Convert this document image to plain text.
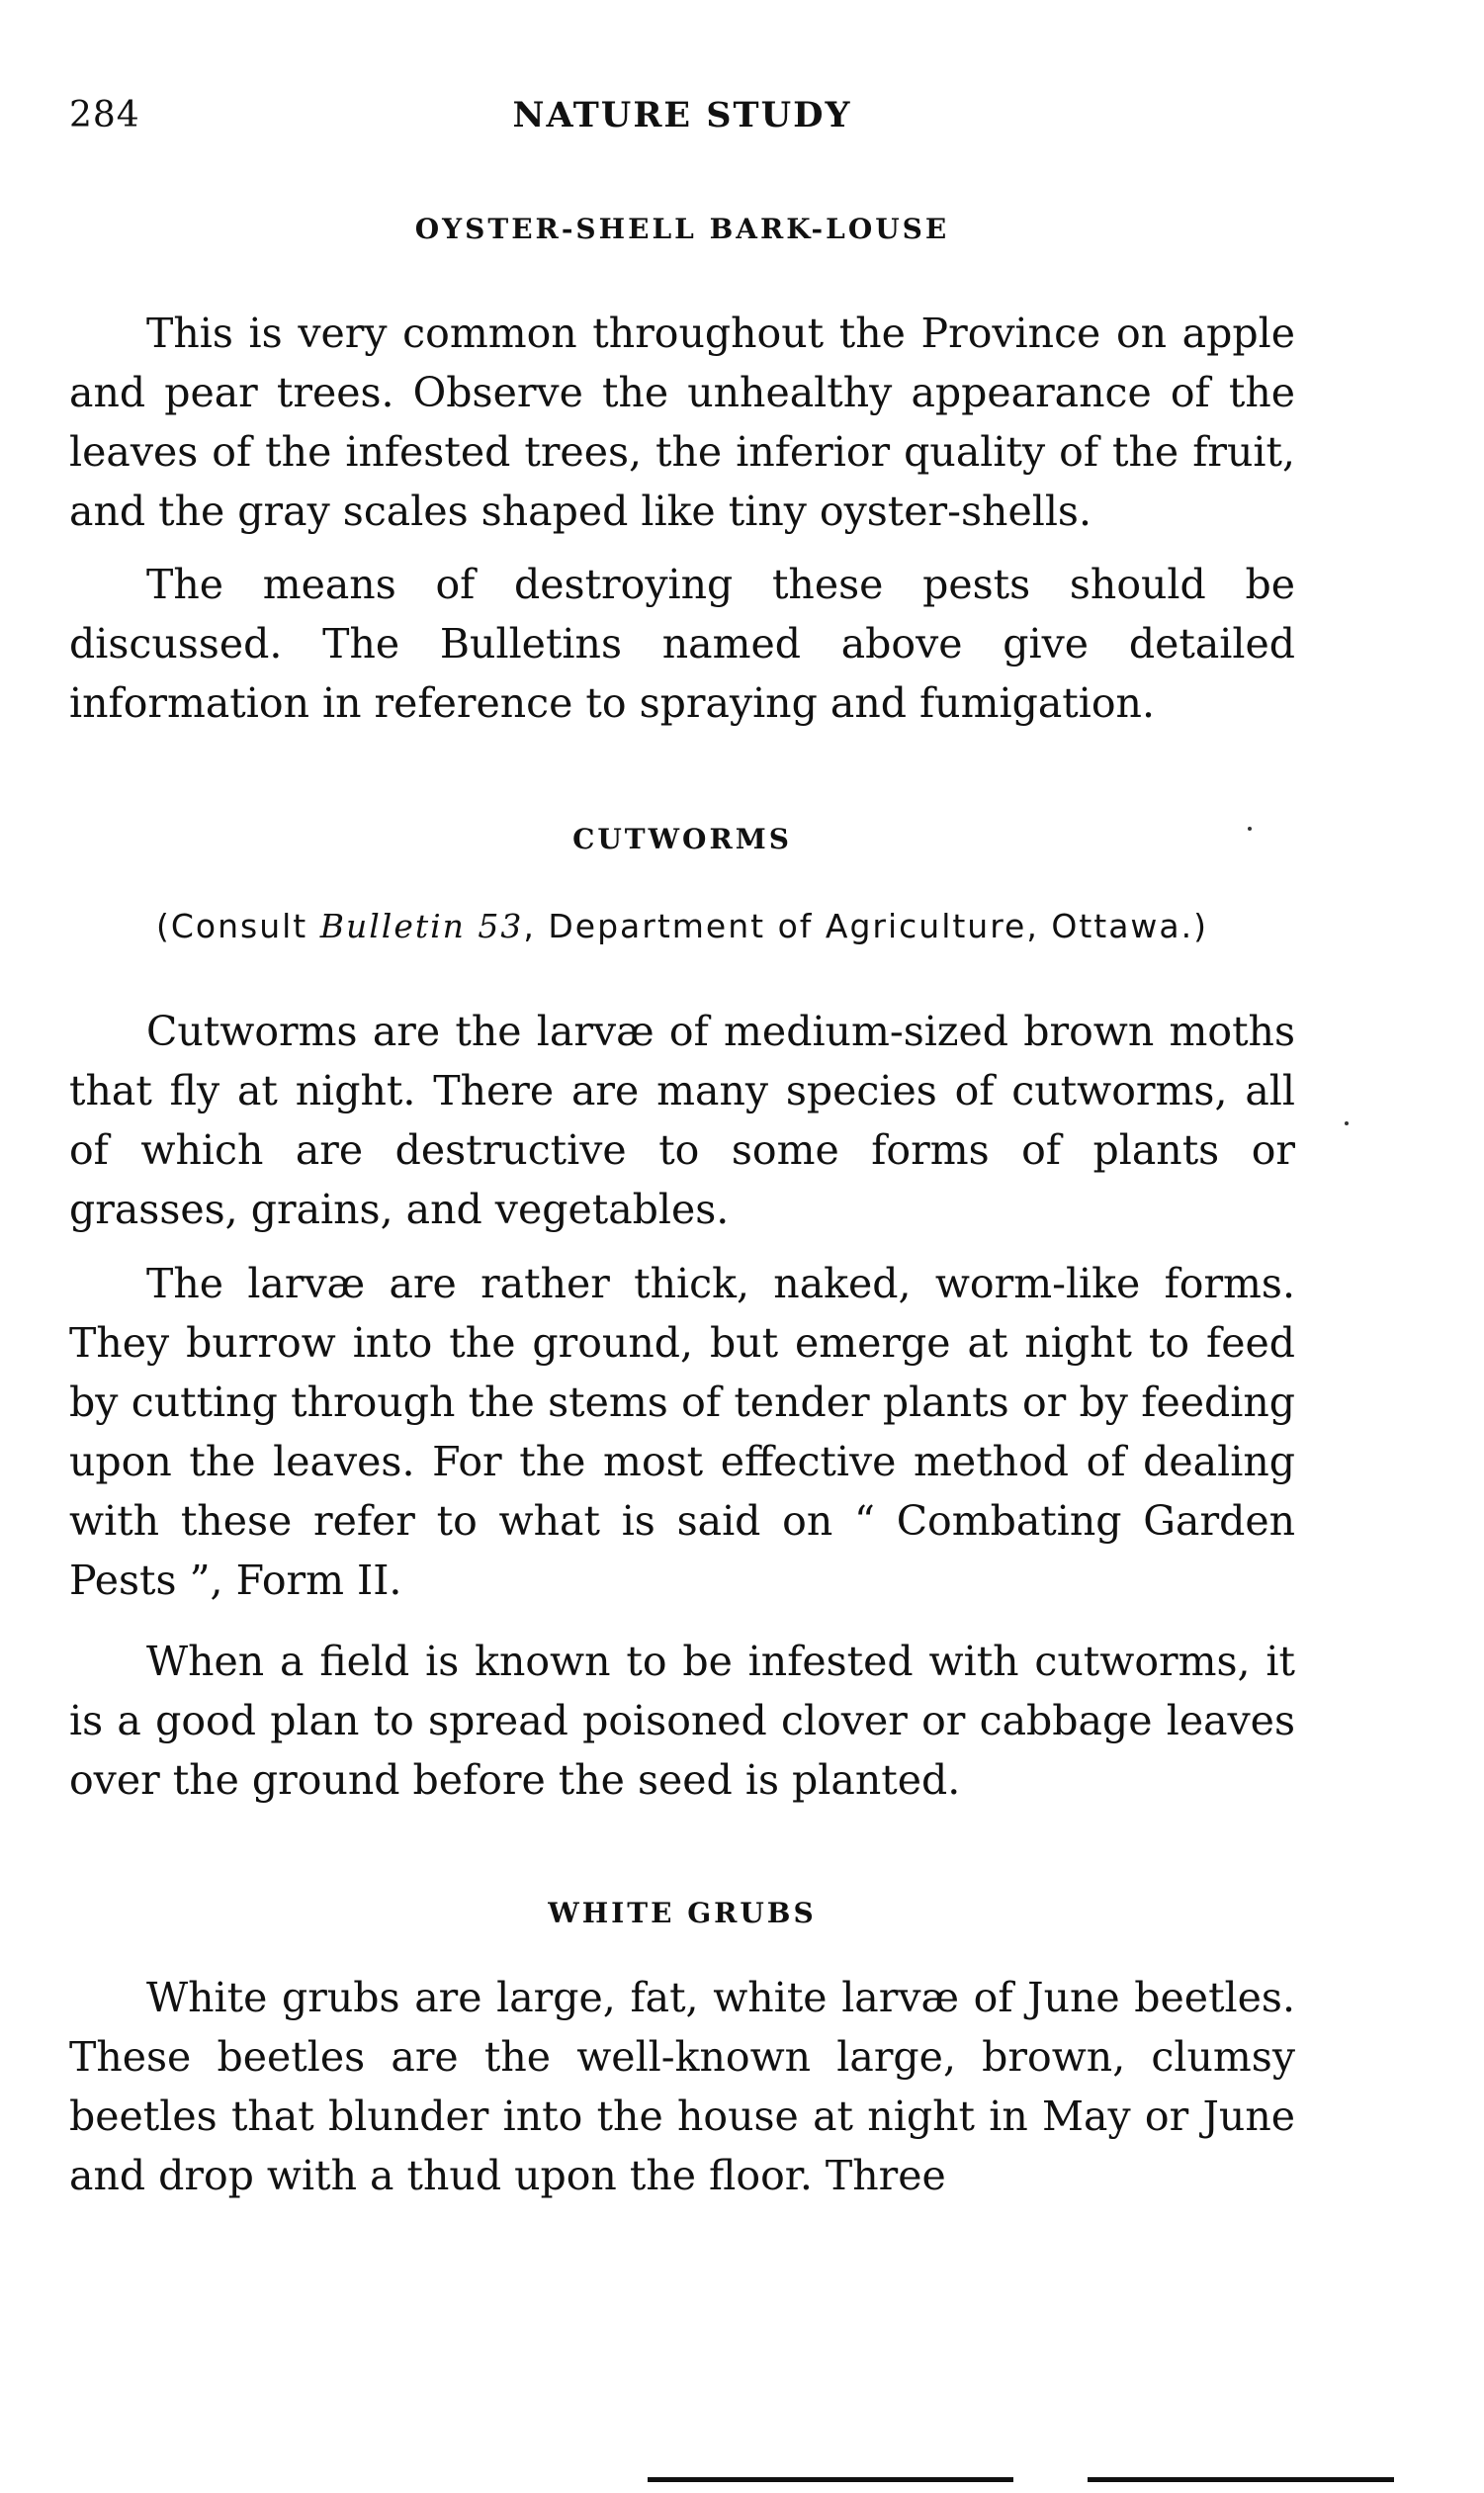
284	NATURE STUDY
OYSTER-SHELL BARK-LOUSE

This is very common throughout the Province on apple and pear trees. Observe the unhealthy appearance of the leaves of the infested trees, the inferior quality of the fruit, and the gray scales shaped like tiny oyster-shells.

The means of destroying these pests should be discussed. The Bulletins named above give detailed information in reference to spraying and fumigation.

CUTWORMS
(Consult Bulletin 53, Department of Agriculture, Ottawa.)

Cutworms are the larvæ of medium-sized brown moths that fly at night. There are many species of cutworms, all of which are destructive to some forms of plants or grasses, grains, and vegetables.

The larvæ are rather thick, naked, worm-like forms. They burrow into the ground, but emerge at night to feed by cutting through the stems of tender plants or by feeding upon the leaves. For the most effective method of dealing with these refer to what is said on “ Combating Garden Pests ”, Form II.

When a field is known to be infested with cutworms, it is a good plan to spread poisoned clover or cabbage leaves over the ground before the seed is planted.

WHITE GRUBS

White grubs are large, fat, white larvæ of June beetles. These beetles are the well-known large, brown, clumsy beetles that blunder into the house at night in May or June and drop with a thud upon the floor. Three
